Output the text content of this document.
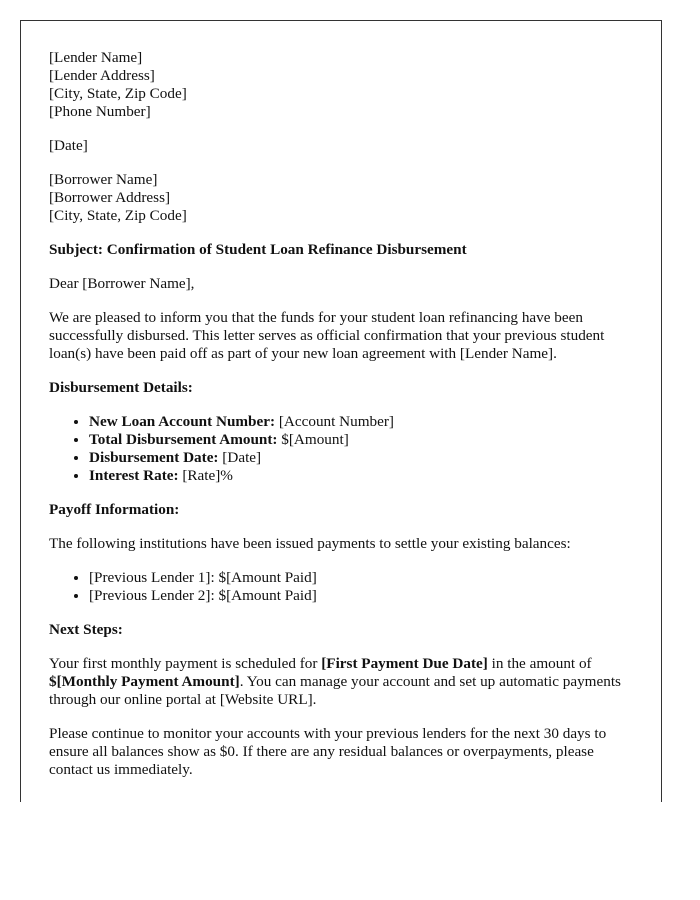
[Lender Name]
[Lender Address]
[City, State, Zip Code]
[Phone Number]

[Date]

[Borrower Name]
[Borrower Address]
[City, State, Zip Code]

Subject: Confirmation of Student Loan Refinance Disbursement

Dear [Borrower Name],

We are pleased to inform you that the funds for your student loan refinancing have been successfully disbursed. This letter serves as official confirmation that your previous student loan(s) have been paid off as part of your new loan agreement with [Lender Name].

Disbursement Details:

• New Loan Account Number: [Account Number]
• Total Disbursement Amount: $[Amount]
• Disbursement Date: [Date]
• Interest Rate: [Rate]%

Payoff Information:

The following institutions have been issued payments to settle your existing balances:

• [Previous Lender 1]: $[Amount Paid]
• [Previous Lender 2]: $[Amount Paid]

Next Steps:

Your first monthly payment is scheduled for [First Payment Due Date] in the amount of $[Monthly Payment Amount]. You can manage your account and set up automatic payments through our online portal at [Website URL].

Please continue to monitor your accounts with your previous lenders for the next 30 days to ensure all balances show as $0. If there are any residual balances or overpayments, please contact us immediately.
